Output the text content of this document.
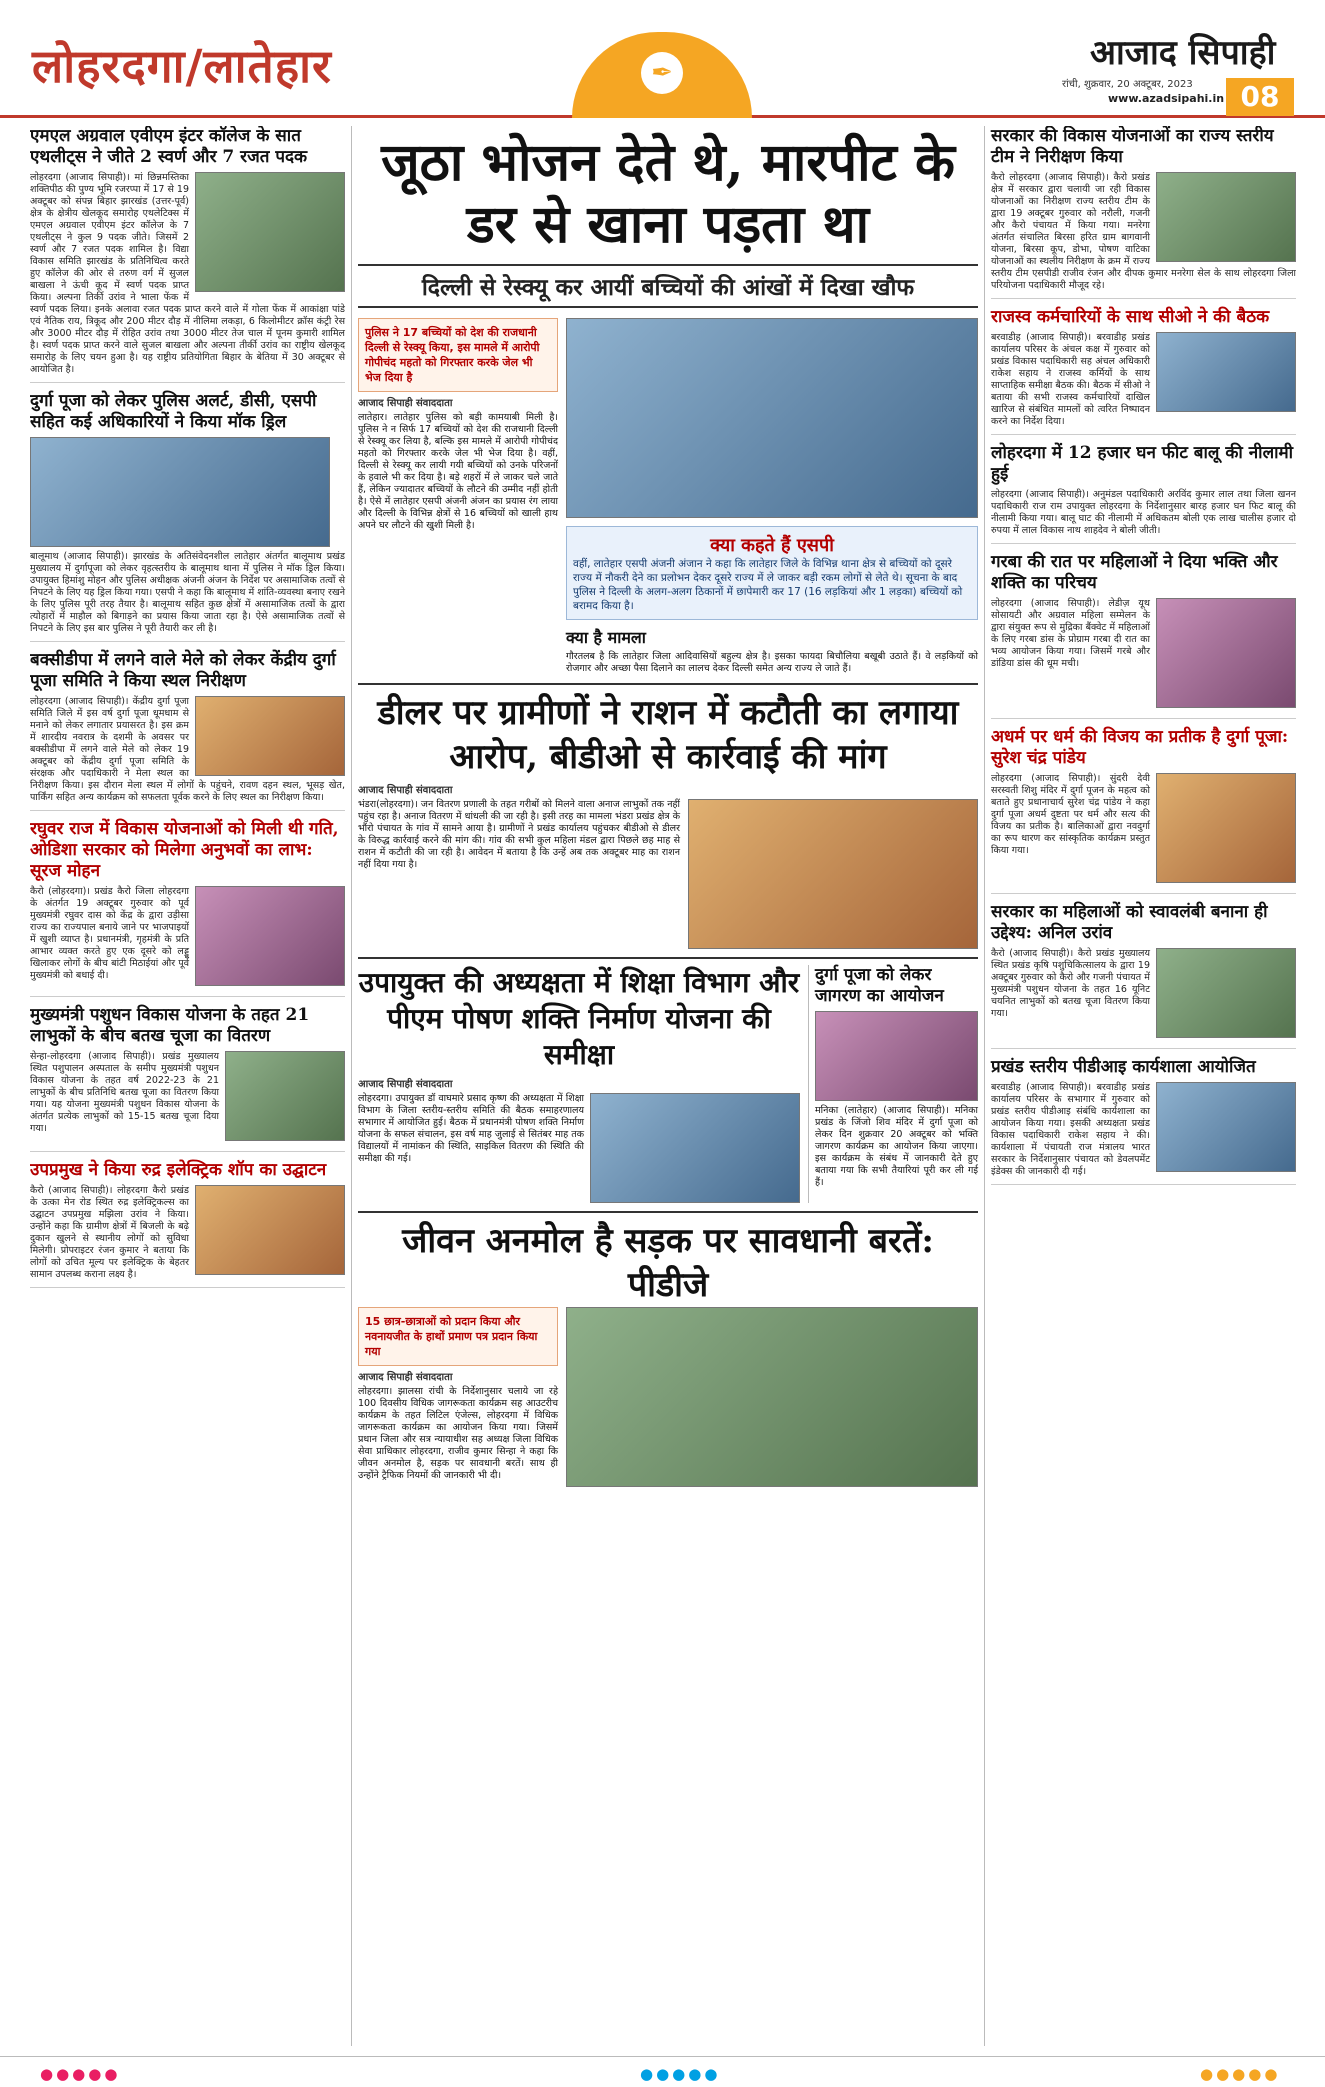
लोहरदगा/लातेहार	✒	आजाद सिपाही
रांची, शुक्रवार, 20 अक्टूबर, 2023
www.azadsipahi.in 08
एमएल अग्रवाल एवीएम इंटर कॉलेज के सात एथलीट्स ने जीते 2 स्वर्ण और 7 रजत पदक

लोहरदगा (आजाद सिपाही)। मां छिन्नमस्तिका शक्तिपीठ की पुण्य भूमि रजरप्पा में 17 से 19 अक्टूबर को संपन्न बिहार झारखंड (उत्तर-पूर्व) क्षेत्र के क्षेत्रीय खेलकूद समारोह एथलेटिक्स में एमएल अग्रवाल एवीएम इंटर कॉलेज के 7 एथलीट्स ने कुल 9 पदक जीते। जिसमें 2 स्वर्ण और 7 रजत पदक शामिल है। विद्या विकास समिति झारखंड के प्रतिनिधित्व करते हुए कॉलेज की ओर से तरुण वर्ग में सुजल बाखला ने ऊंची कूद में स्वर्ण पदक प्राप्त किया। अल्पना तिर्की उरांव ने भाला फेंक में स्वर्ण पदक लिया। इनके अलावा रजत पदक प्राप्त करने वाले में गोला फेंक में आकांक्षा पांडे एवं नैतिक राय, त्रिकूद और 200 मीटर दौड़ में नीलिमा लकड़ा, 6 किलोमीटर क्रॉस कंट्री रेस और 3000 मीटर दौड़ में रोहित उरांव तथा 3000 मीटर तेज चाल में पूनम कुमारी शामिल है। स्वर्ण पदक प्राप्त करने वाले सुजल बाखला और अल्पना तीर्की उरांव का राष्ट्रीय खेलकूद समारोह के लिए चयन हुआ है। यह राष्ट्रीय प्रतियोगिता बिहार के बेतिया में 30 अक्टूबर से आयोजित है।

दुर्गा पूजा को लेकर पुलिस अलर्ट, डीसी, एसपी सहित कई अधिकारियों ने किया मॉक ड्रिल

बालूमाथ (आजाद सिपाही)। झारखंड के अतिसंवेदनशील लातेहार अंतर्गत बालूमाथ प्रखंड मुख्यालय में दुर्गापूजा को लेकर वृहत्स्तरीय के बालूमाथ थाना में पुलिस ने मॉक ड्रिल किया। उपायुक्त हिमांशु मोहन और पुलिस अधीक्षक अंजनी अंजन के निर्देश पर असामाजिक तत्वों से निपटने के लिए यह ड्रिल किया गया। एसपी ने कहा कि बालूमाथ में शांति-व्यवस्था बनाए रखने के लिए पुलिस पूरी तरह तैयार है। बालूमाथ सहित कुछ क्षेत्रों में असामाजिक तत्वों के द्वारा त्योहारों में माहौल को बिगाड़ने का प्रयास किया जाता रहा है। ऐसे असामाजिक तत्वों से निपटने के लिए इस बार पुलिस ने पूरी तैयारी कर ली है।

बक्सीडीपा में लगने वाले मेले को लेकर केंद्रीय दुर्गा पूजा समिति ने किया स्थल निरीक्षण

लोहरदगा (आजाद सिपाही)। केंद्रीय दुर्गा पूजा समिति जिले में इस वर्ष दुर्गा पूजा धूमधाम से मनाने को लेकर लगातार प्रयासरत है। इस क्रम में शारदीय नवरात्र के दशमी के अवसर पर बक्सीडीपा में लगने वाले मेले को लेकर 19 अक्टूबर को केंद्रीय दुर्गा पूजा समिति के संरक्षक और पदाधिकारी ने मेला स्थल का निरीक्षण किया। इस दौरान मेला स्थल में लोगों के पहुंचने, रावण दहन स्थल, भूसड़ खेत, पार्किंग सहित अन्य कार्यक्रम को सफलता पूर्वक करने के लिए स्थल का निरीक्षण किया।

रघुवर राज में विकास योजनाओं को मिली थी गति, ओडिशा सरकार को मिलेगा अनुभवों का लाभ: सूरज मोहन

कैरो (लोहरदगा)। प्रखंड कैरो जिला लोहरदगा के अंतर्गत 19 अक्टूबर गुरुवार को पूर्व मुख्यमंत्री रघुवर दास को केंद्र के द्वारा उड़ीसा राज्य का राज्यपाल बनाये जाने पर भाजपाइयों में खुशी व्याप्त है। प्रधानमंत्री, गृहमंत्री के प्रति आभार व्यक्त करते हुए एक दूसरे को लड्डू खिलाकर लोगों के बीच बांटी मिठाईयां और पूर्व मुख्यमंत्री को बधाई दी।

मुख्यमंत्री पशुधन विकास योजना के तहत 21 लाभुकों के बीच बतख चूजा का वितरण

सेन्हा-लोहरदगा (आजाद सिपाही)। प्रखंड मुख्यालय स्थित पशुपालन अस्पताल के समीप मुख्यमंत्री पशुधन विकास योजना के तहत वर्ष 2022-23 के 21 लाभुकों के बीच प्रतिनिधि बतख चूजा का वितरण किया गया। यह योजना मुख्यमंत्री पशुधन विकास योजना के अंतर्गत प्रत्येक लाभुकों को 15-15 बतख चूजा दिया गया।

उपप्रमुख ने किया रुद्र इलेक्ट्रिक शॉप का उद्घाटन

कैरो (आजाद सिपाही)। लोहरदगा कैरो प्रखंड के उत्का मेन रोड स्थित रुद्र इलेक्ट्रिकल्स का उद्घाटन उपप्रमुख मझिला उरांव ने किया। उन्होंने कहा कि ग्रामीण क्षेत्रों में बिजली के बढ़े दुकान खुलने से स्थानीय लोगों को सुविधा मिलेगी। प्रोपराइटर रंजन कुमार ने बताया कि लोगों को उचित मूल्य पर इलेक्ट्रिक के बेहतर सामान उपलब्ध कराना लक्ष्य है।

जूठा भोजन देते थे, मारपीट के डर से खाना पड़ता था
दिल्ली से रेस्क्यू कर आयीं बच्चियों की आंखों में दिखा खौफ
पुलिस ने 17 बच्चियों को देश की राजधानी दिल्ली से रेस्क्यू किया, इस मामले में आरोपी गोपीचंद महतो को गिरफ्तार करके जेल भी भेज दिया है
आजाद सिपाही संवाददाता

लातेहार। लातेहार पुलिस को बड़ी कामयाबी मिली है। पुलिस ने न सिर्फ 17 बच्चियों को देश की राजधानी दिल्ली से रेस्क्यू कर लिया है, बल्कि इस मामले में आरोपी गोपीचंद महतो को गिरफ्तार करके जेल भी भेज दिया है। वहीं, दिल्ली से रेस्क्यू कर लायी गयी बच्चियों को उनके परिजनों के हवाले भी कर दिया है। बड़े शहरों में ले जाकर चले जाते हैं, लेकिन ज्यादातर बच्चियों के लौटने की उम्मीद नहीं होती है। ऐसे में लातेहार एसपी अंजनी अंजन का प्रयास रंग लाया और दिल्ली के विभिन्न क्षेत्रों से 16 बच्चियों को खाली हाथ अपने घर लौटने की खुशी मिली है।

क्या कहते हैं एसपी

वहीं, लातेहार एसपी अंजनी अंजान ने कहा कि लातेहार जिले के विभिन्न थाना क्षेत्र से बच्चियों को दूसरे राज्य में नौकरी देने का प्रलोभन देकर दूसरे राज्य में ले जाकर बड़ी रकम लोगों से लेते थे। सूचना के बाद पुलिस ने दिल्ली के अलग-अलग ठिकानों में छापेमारी कर 17 (16 लड़कियां और 1 लड़का) बच्चियों को बरामद किया है।

क्या है मामला

गौरतलब है कि लातेहार जिला आदिवासियों बहुल्य क्षेत्र है। इसका फायदा बिचौलिया बखूबी उठाते हैं। वे लड़कियों को रोजगार और अच्छा पैसा दिलाने का लालच देकर दिल्ली समेत अन्य राज्य ले जाते हैं।

डीलर पर ग्रामीणों ने राशन में कटौती का लगाया आरोप, बीडीओ से कार्रवाई की मांग
आजाद सिपाही संवाददाता

भंडरा(लोहरदगा)। जन वितरण प्रणाली के तहत गरीबों को मिलने वाला अनाज लाभुकों तक नहीं पहुंच रहा है। अनाज वितरण में धांधली की जा रही है। इसी तरह का मामला भंडरा प्रखंड क्षेत्र के भौंरो पंचायत के गांव में सामने आया है। ग्रामीणों ने प्रखंड कार्यालय पहुंचकर बीडीओ से डीलर के विरुद्ध कार्रवाई करने की मांग की। गांव की सभी कुल महिला मंडल द्वारा पिछले छह माह से राशन में कटौती की जा रही है। आवेदन में बताया है कि उन्हें अब तक अक्टूबर माह का राशन नहीं दिया गया है।

उपायुक्त की अध्यक्षता में शिक्षा विभाग और पीएम पोषण शक्ति निर्माण योजना की समीक्षा
आजाद सिपाही संवाददाता

लोहरदगा। उपायुक्त डॉ वाघमारे प्रसाद कृष्ण की अध्यक्षता में शिक्षा विभाग के जिला स्तरीय-स्तरीय समिति की बैठक समाहरणालय सभागार में आयोजित हुई। बैठक में प्रधानमंत्री पोषण शक्ति निर्माण योजना के सफल संचालन, इस वर्ष माह जुलाई से सितंबर माह तक विद्यालयों में नामांकन की स्थिति, साइकिल वितरण की स्थिति की समीक्षा की गई।

दुर्गा पूजा को लेकर जागरण का आयोजन

मनिका (लातेहार) (आजाद सिपाही)। मनिका प्रखंड के जिंजो शिव मंदिर में दुर्गा पूजा को लेकर दिन शुक्रवार 20 अक्टूबर को भक्ति जागरण कार्यक्रम का आयोजन किया जाएगा। इस कार्यक्रम के संबंध में जानकारी देते हुए बताया गया कि सभी तैयारियां पूरी कर ली गई हैं।

जीवन अनमोल है सड़क पर सावधानी बरतें: पीडीजे
15 छात्र-छात्राओं को प्रदान किया और नवनायजीत के हाथों प्रमाण पत्र प्रदान किया गया
आजाद सिपाही संवाददाता

लोहरदगा। झालसा रांची के निर्देशानुसार चलाये जा रहे 100 दिवसीय विधिक जागरूकता कार्यक्रम सह आउटरीच कार्यक्रम के तहत लिटिल एंजेल्स, लोहरदगा में विधिक जागरूकता कार्यक्रम का आयोजन किया गया। जिसमें प्रधान जिला और सत्र न्यायाधीश सह अध्यक्ष जिला विधिक सेवा प्राधिकार लोहरदगा, राजीव कुमार सिन्हा ने कहा कि जीवन अनमोल है, सड़क पर सावधानी बरतें। साथ ही उन्होंने ट्रैफिक नियमों की जानकारी भी दी।

सरकार की विकास योजनाओं का राज्य स्तरीय टीम ने निरीक्षण किया

कैरो लोहरदगा (आजाद सिपाही)। कैरो प्रखंड क्षेत्र में सरकार द्वारा चलायी जा रही विकास योजनाओं का निरीक्षण राज्य स्तरीय टीम के द्वारा 19 अक्टूबर गुरुवार को नरौली, गजनी और कैरो पंचायत में किया गया। मनरेगा अंतर्गत संचालित बिरसा हरित ग्राम बागवानी योजना, बिरसा कूप, डोभा, पोषण वाटिका योजनाओं का स्थलीय निरीक्षण के क्रम में राज्य स्तरीय टीम एसपीडी राजीव रंजन और दीपक कुमार मनरेगा सेल के साथ लोहरदगा जिला परियोजना पदाधिकारी मौजूद रहे।

राजस्व कर्मचारियों के साथ सीओ ने की बैठक

बरवाडीह (आजाद सिपाही)। बरवाडीह प्रखंड कार्यालय परिसर के अंचल कक्ष में गुरुवार को प्रखंड विकास पदाधिकारी सह अंचल अधिकारी राकेश सहाय ने राजस्व कर्मियों के साथ साप्ताहिक समीक्षा बैठक की। बैठक में सीओ ने बताया की सभी राजस्व कर्मचारियों दाखिल खारिज से संबंधित मामलों को त्वरित निष्पादन करने का निर्देश दिया।

लोहरदगा में 12 हजार घन फीट बालू की नीलामी हुई

लोहरदगा (आजाद सिपाही)। अनुमंडल पदाधिकारी अरविंद कुमार लाल तथा जिला खनन पदाधिकारी राज राम उपायुक्त लोहरदगा के निर्देशानुसार बारह हजार घन फिट बालू की नीलामी किया गया। बालू घाट की नीलामी में अधिकतम बोली एक लाख चालीस हजार दो रुपया में लाल विकास नाथ शाहदेव ने बोली जीती।

गरबा की रात पर महिलाओं ने दिया भक्ति और शक्ति का परिचय

लोहरदगा (आजाद सिपाही)। लेडीज़ यूथ सोसायटी और अग्रवाल महिला सम्मेलन के द्वारा संयुक्त रूप से मुद्रिका बैंक्वेट में महिलाओं के लिए गरबा डांस के प्रोग्राम गरबा दी रात का भव्य आयोजन किया गया। जिसमें गरबे और डांडिया डांस की धूम मची।

अधर्म पर धर्म की विजय का प्रतीक है दुर्गा पूजा: सुरेश चंद्र पांडेय

लोहरदगा (आजाद सिपाही)। सुंदरी देवी सरस्वती शिशु मंदिर में दुर्गा पूजन के महत्व को बताते हुए प्रधानाचार्य सुरेश चंद्र पांडेय ने कहा दुर्गा पूजा अधर्म दुष्टता पर धर्म और सत्य की विजय का प्रतीक है। बालिकाओं द्वारा नवदुर्गा का रूप धारण कर सांस्कृतिक कार्यक्रम प्रस्तुत किया गया।

सरकार का महिलाओं को स्वावलंबी बनाना ही उद्देश्य: अनिल उरांव

कैरो (आजाद सिपाही)। कैरो प्रखंड मुख्यालय स्थित प्रखंड कृषि पशुचिकित्सालय के द्वारा 19 अक्टूबर गुरुवार को कैरो और गजनी पंचायत में मुख्यमंत्री पशुधन योजना के तहत 16 यूनिट चयनित लाभुकों को बतख चूजा वितरण किया गया।

प्रखंड स्तरीय पीडीआइ कार्यशाला आयोजित

बरवाडीह (आजाद सिपाही)। बरवाडीह प्रखंड कार्यालय परिसर के सभागार में गुरुवार को प्रखंड स्तरीय पीडीआइ संबंधि कार्यशाला का आयोजन किया गया। इसकी अध्यक्षता प्रखंड विकास पदाधिकारी राकेश सहाय ने की। कार्यशाला में पंचायती राज मंत्रालय भारत सरकार के निर्देशानुसार पंचायत को डेवलपमेंट इंडेक्स की जानकारी दी गई।

●●●●●	●●●●●	●●●●●
